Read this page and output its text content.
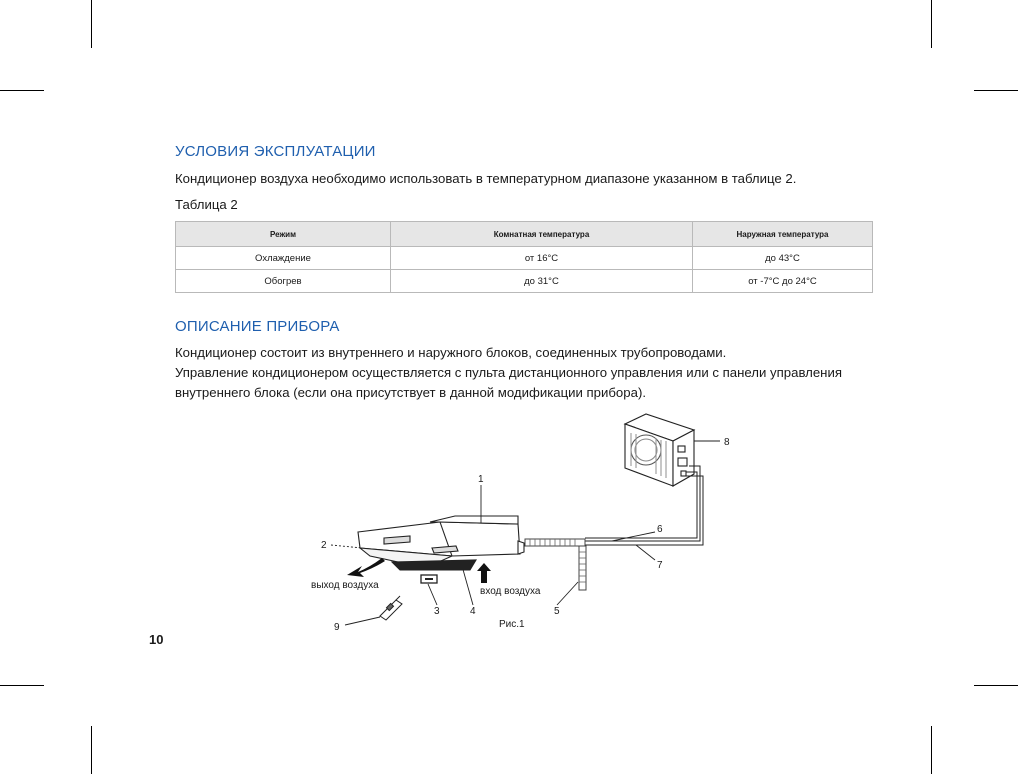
УСЛОВИЯ ЭКСПЛУАТАЦИИ
Кондиционер воздуха необходимо использовать в температурном диапазоне указанном в таблице 2.
Таблица 2
Режим	Комнатная температура	Наружная температура
Охлаждение	от 16°С	до 43°С
Обогрев	до 31°С	от -7°С до 24°С
ОПИСАНИЕ ПРИБОРА
Кондиционер состоит из внутреннего и наружного блоков, соединенных трубопроводами.
Управление кондиционером осуществляется с пульта дистанционного управления или с панели управления
внутреннего блока (если она присутствует в данной модификации прибора).
1
2
3	4	5
6
7
8
9
выход воздуха
вход воздуха
Рис.1
10
